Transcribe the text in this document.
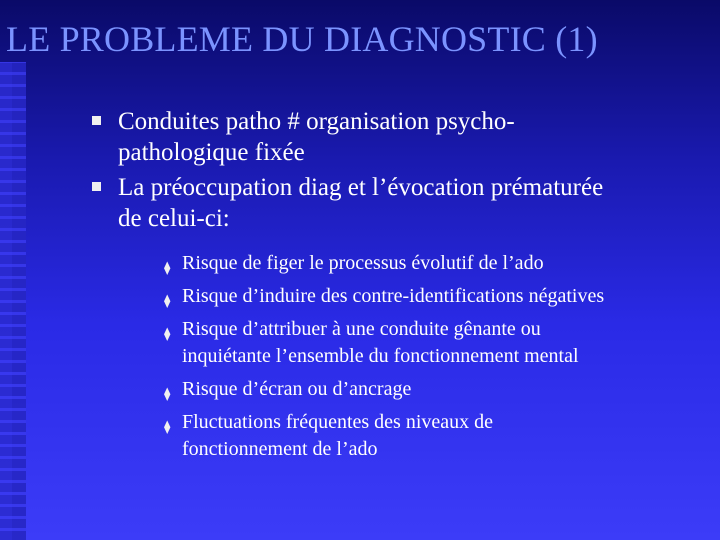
LE PROBLEME DU DIAGNOSTIC (1)
Conduites patho # organisation psycho-
pathologique fixée
La préoccupation diag et l’évocation prématurée
de celui-ci:
⧫ Risque de figer le processus évolutif de l’ado
⧫ Risque d’induire des contre-identifications négatives
⧫ Risque d’attribuer à une conduite gênante ou
inquiétante l’ensemble du fonctionnement mental
⧫ Risque d’écran ou d’ancrage
⧫ Fluctuations fréquentes des niveaux de
fonctionnement de l’ado
